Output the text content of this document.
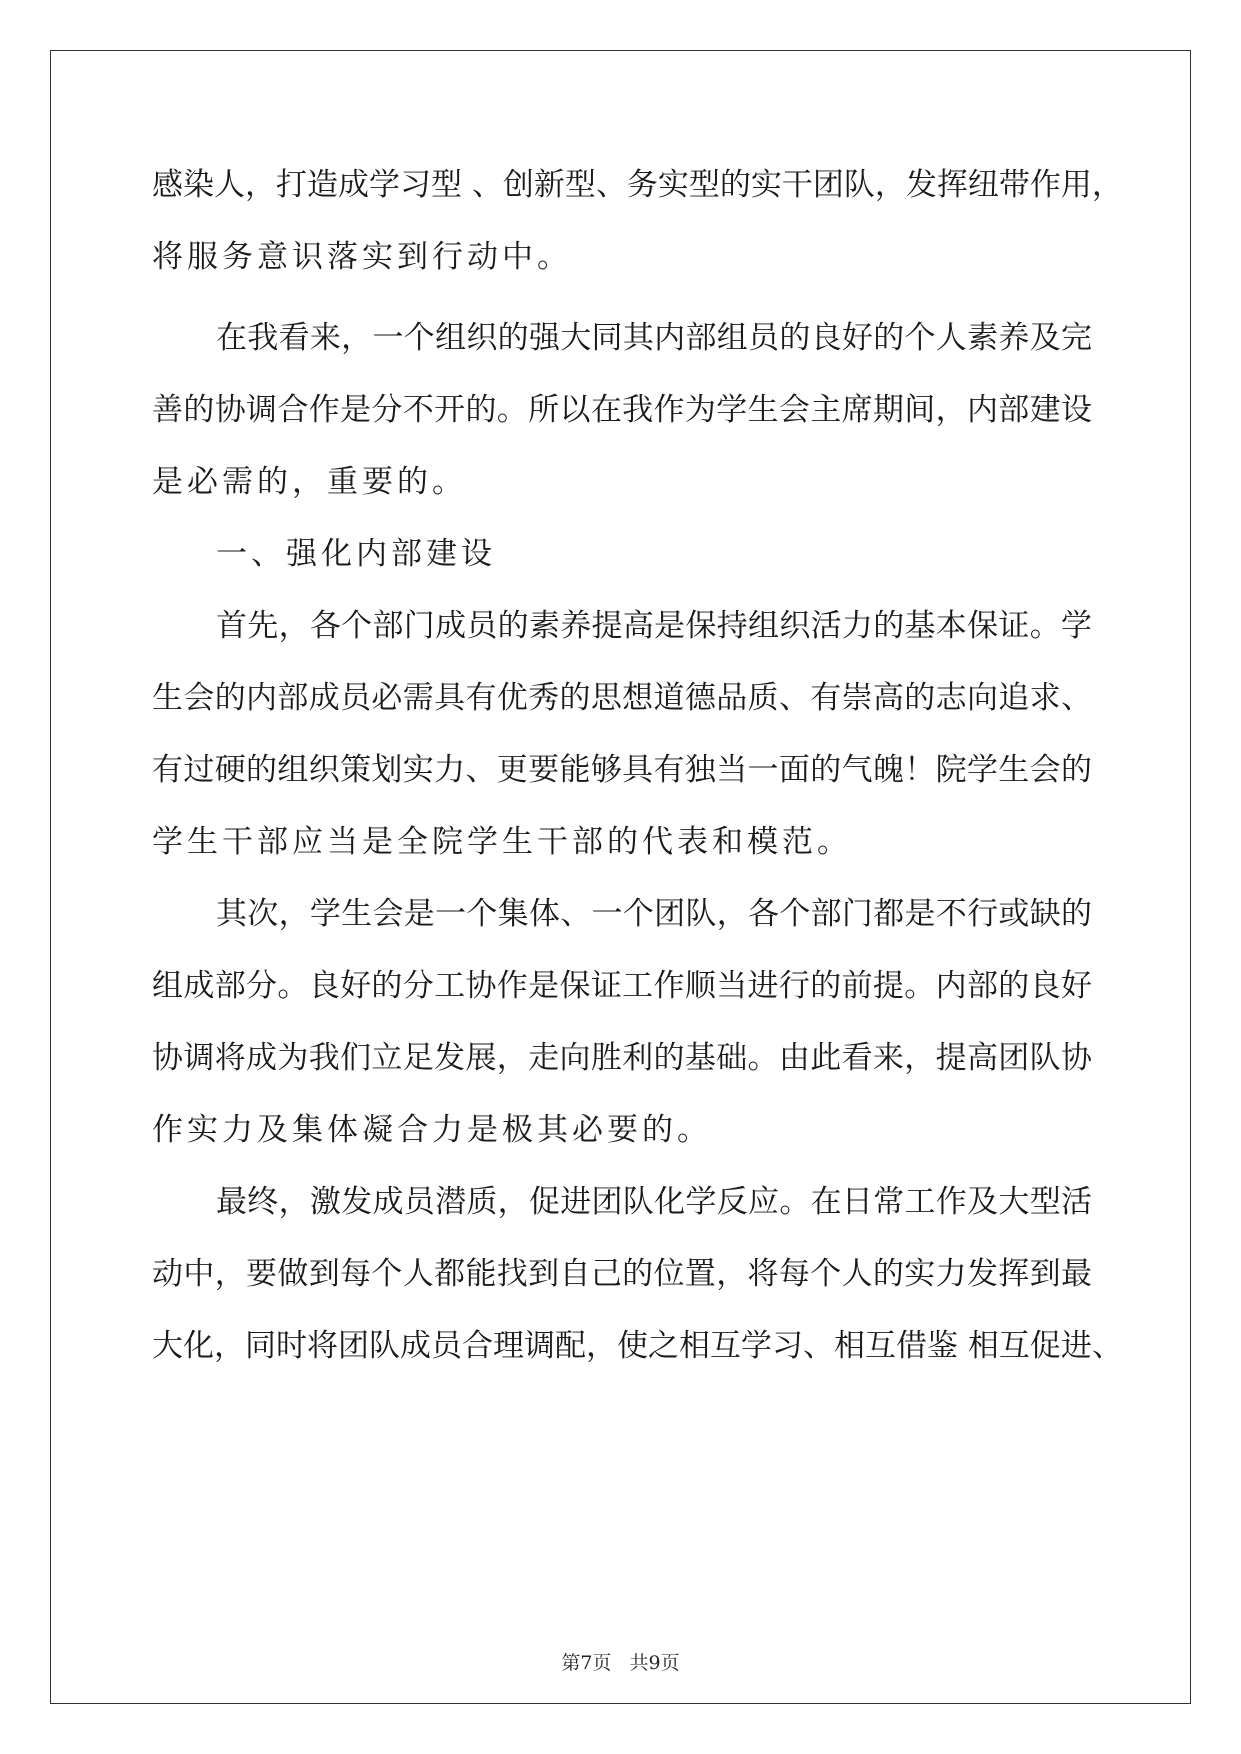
感染人，打造成学习型 、创新型、务实型的实干团队，发挥纽带作用，
将服务意识落实到行动中。
在我看来，一个组织的强大同其内部组员的良好的个人素养及完
善的协调合作是分不开的。所以在我作为学生会主席期间，内部建设
是必需的，重要的。
一、强化内部建设
首先，各个部门成员的素养提高是保持组织活力的基本保证。学
生会的内部成员必需具有优秀的思想道德品质、有崇高的志向追求、
有过硬的组织策划实力、更要能够具有独当一面的气魄！院学生会的
学生干部应当是全院学生干部的代表和模范。
其次，学生会是一个集体、一个团队，各个部门都是不行或缺的
组成部分。良好的分工协作是保证工作顺当进行的前提。内部的良好
协调将成为我们立足发展，走向胜利的基础。由此看来，提高团队协
作实力及集体凝合力是极其必要的。
最终，激发成员潜质，促进团队化学反应。在日常工作及大型活
动中，要做到每个人都能找到自己的位置，将每个人的实力发挥到最
大化，同时将团队成员合理调配，使之相互学习、相互借鉴 相互促进、
第7页 共9页
